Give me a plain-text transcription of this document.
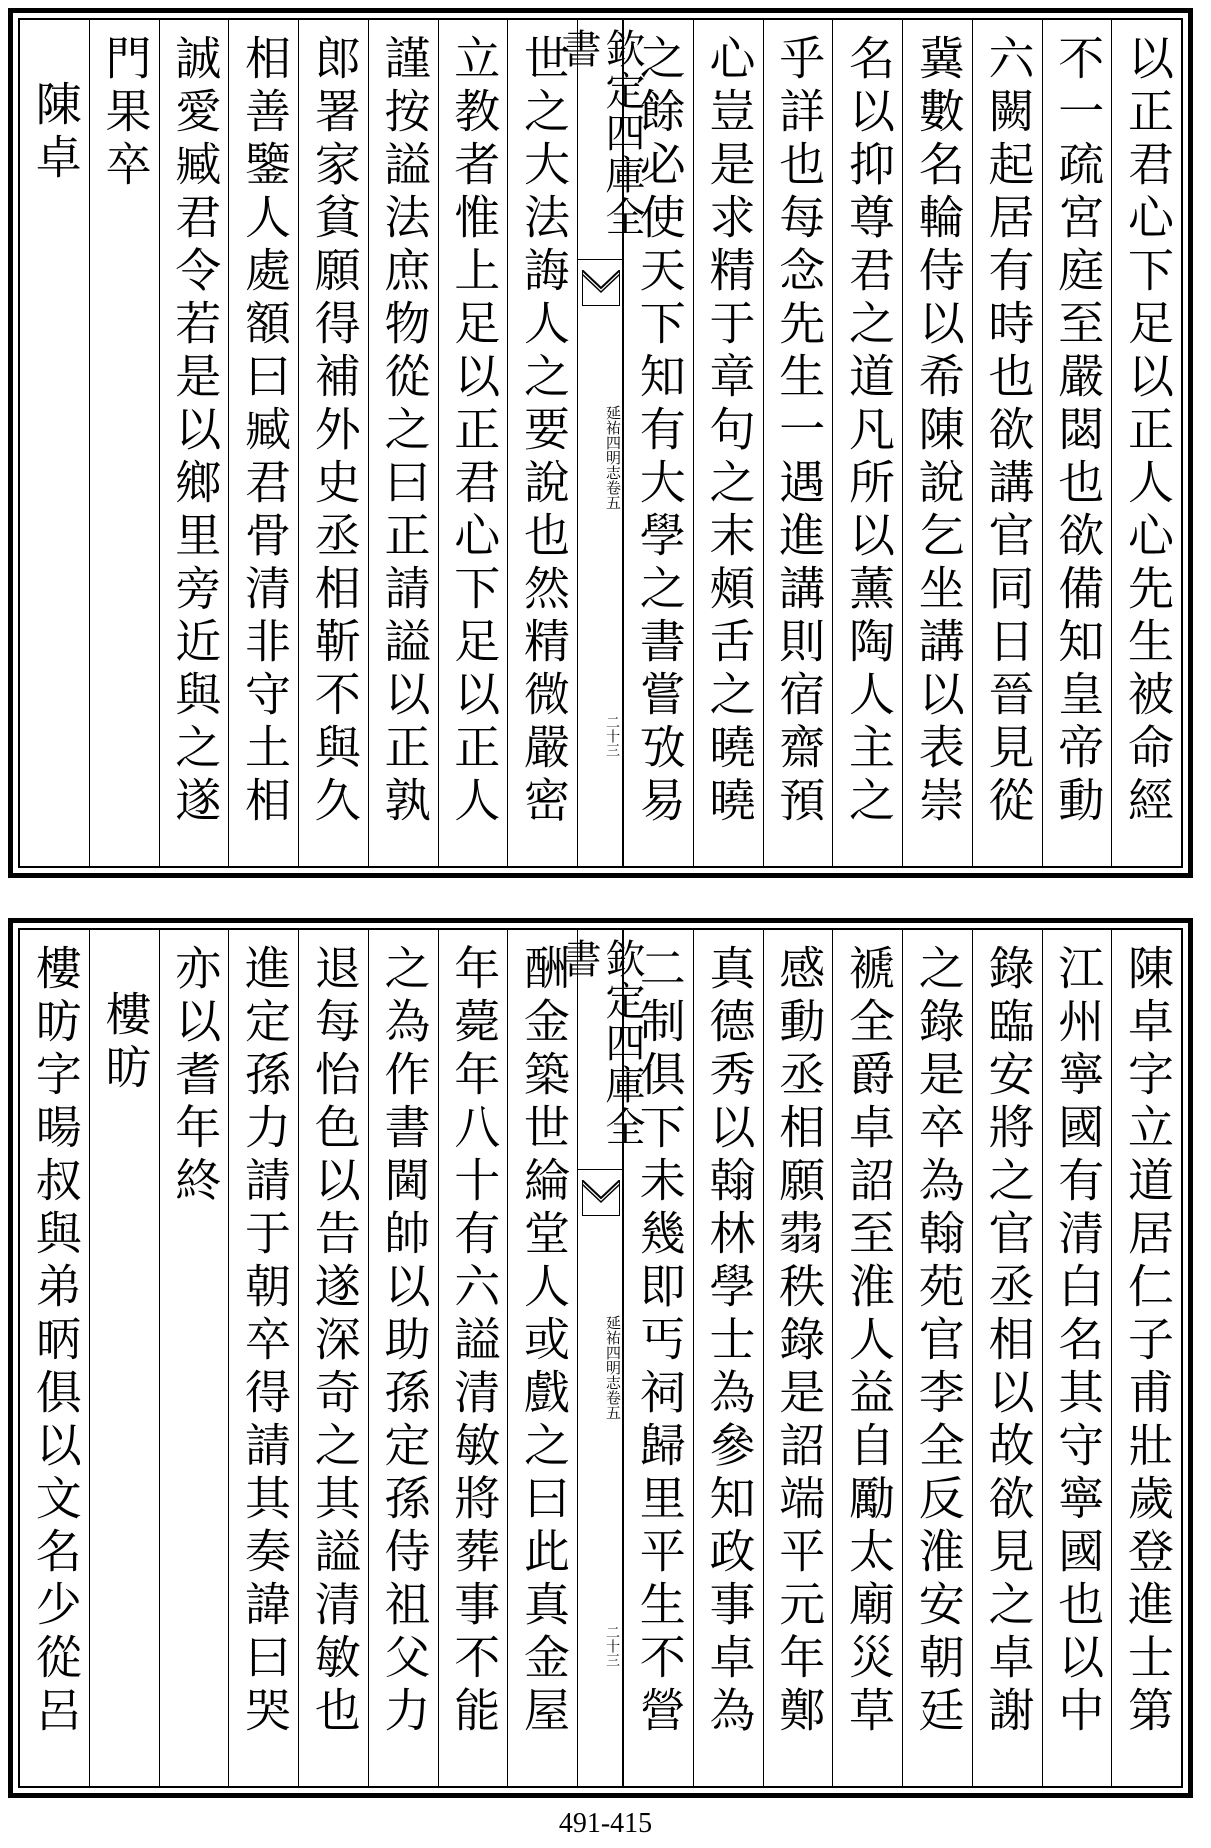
以正君心下足以正人心先生被命經
不一疏宮庭至嚴閟也欲備知皇帝動
六闕起居有時也欲講官同日晉見從
冀數名輪侍以希陳說乞坐講以表崇
名以抑尊君之道凡所以薰陶人主之
乎詳也每念先生一遇進講則宿齋預
心豈是求精于章句之末頰舌之曉曉
之餘必使天下知有大學之書嘗攷易
欽定四庫全書
延祐四明志
卷五
二十三
世之大法誨人之要說也然精微嚴密
立教者惟上足以正君心下足以正人
謹按謚法庶物從之曰正請謚以正孰
郎署家貧願得補外史丞相靳不與久
相善鑒人處額曰臧君骨清非守土相
誠愛臧君令若是以鄉里旁近與之遂
門果卒
陳卓
陳卓字立道居仁子甫壯歲登進士第
江州寧國有清白名其守寧國也以中
錄臨安將之官丞相以故欲見之卓謝
之錄是卒為翰苑官李全反淮安朝廷
褫全爵卓詔至淮人益自勵太廟災草
感動丞相願𦐡秩錄是詔端平元年鄭
真德秀以翰林學士為參知政事卓為
二制俱下未幾即丐祠歸里平生不營
欽定四庫全書
延祐四明志
卷五
二十三
酬金築世綸堂人或戲之曰此真金屋
年薨年八十有六謚清敏將葬事不能
之為作書閫帥以助孫定孫侍祖父力
退每怡色以告遂深奇之其謚清敏也
進定孫力請于朝卒得請其奏諱曰哭
亦以耆年終
樓昉
樓昉字暘叔與弟昞俱以文名少從呂
491-415
